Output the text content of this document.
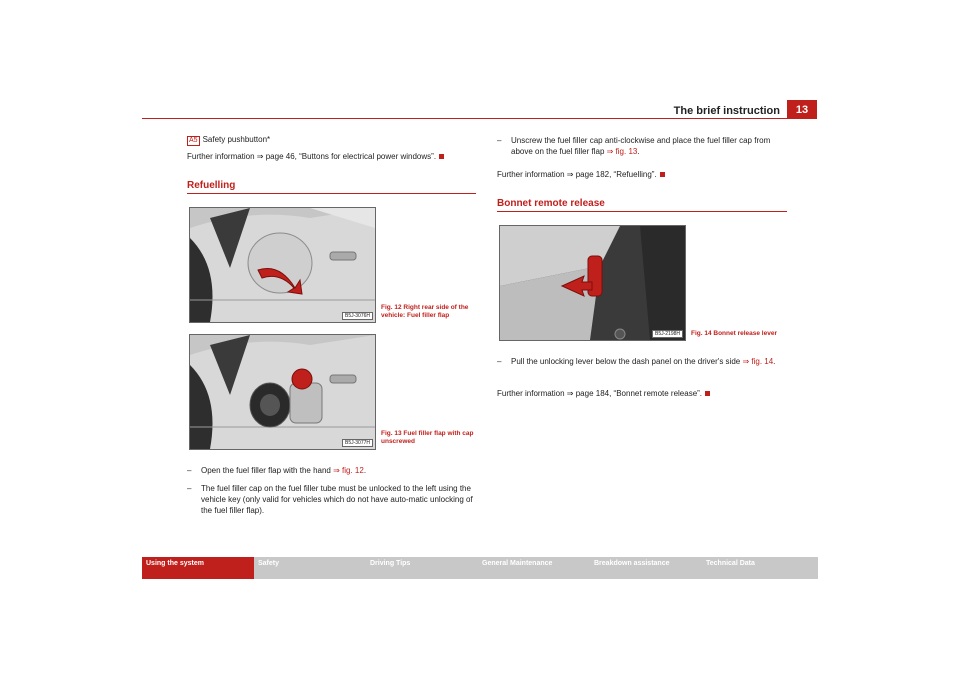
The brief instruction	13
A5 Safety pushbutton*
Further information ⇒ page 46, “Buttons for electrical power windows”.
Refuelling
B5J-3076H
Fig. 12 Right rear side of the vehicle: Fuel filler flap
B5J-3077H
Fig. 13 Fuel filler flap with cap unscrewed
– Open the fuel filler flap with the hand ⇒ fig. 12.
–	The fuel filler cap on the fuel filler tube must be unlocked to the left using the vehicle key (only valid for vehicles which do not have auto-matic unlocking of the fuel filler flap).
–	Unscrew the fuel filler cap anti-clockwise and place the fuel filler cap from above on the fuel filler flap ⇒ fig. 13.
Further information ⇒ page 182, “Refuelling”.
Bonnet remote release
B5J-2198H	Fig. 14 Bonnet release lever
–	Pull the unlocking lever below the dash panel on the driver's side ⇒ fig. 14.
Further information ⇒ page 184, “Bonnet remote release”.
Using the system	Safety	Driving Tips	General Maintenance	Breakdown assistance	Technical Data
